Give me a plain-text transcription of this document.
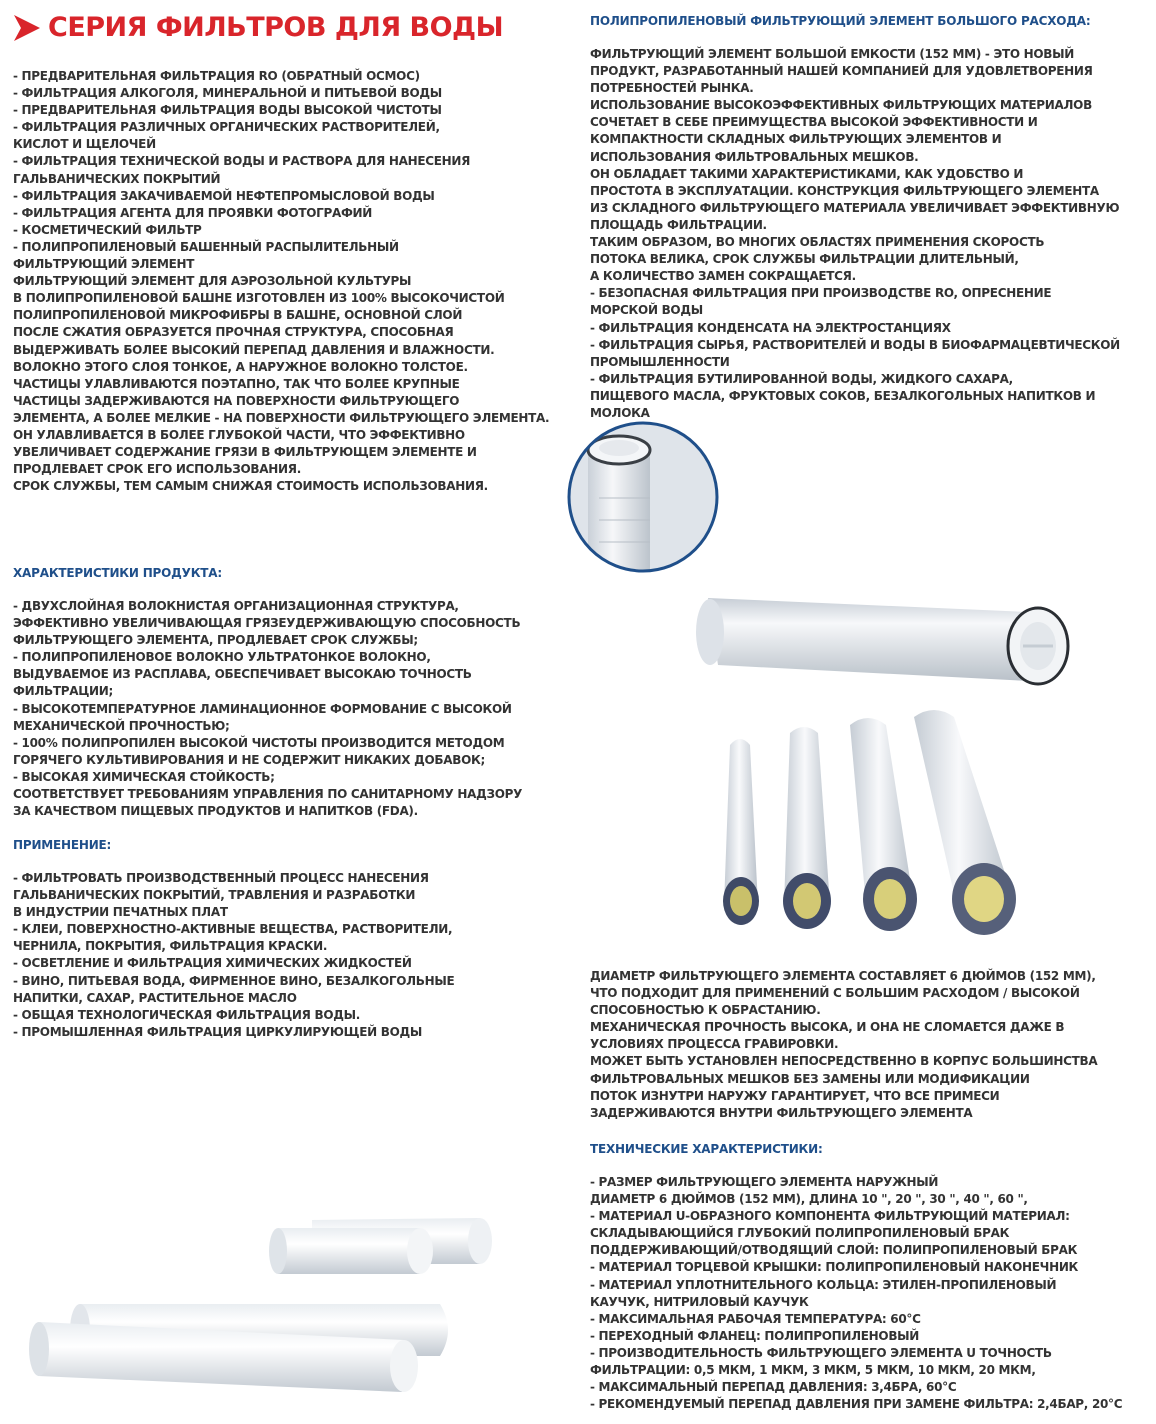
СЕРИЯ ФИЛЬТРОВ ДЛЯ ВОДЫ

- ПРЕДВАРИТЕЛЬНАЯ ФИЛЬТРАЦИЯ RO (ОБРАТНЫЙ ОСМОС)
- ФИЛЬТРАЦИЯ АЛКОГОЛЯ, МИНЕРАЛЬНОЙ И ПИТЬЕВОЙ ВОДЫ
- ПРЕДВАРИТЕЛЬНАЯ ФИЛЬТРАЦИЯ ВОДЫ ВЫСОКОЙ ЧИСТОТЫ
- ФИЛЬТРАЦИЯ РАЗЛИЧНЫХ ОРГАНИЧЕСКИХ РАСТВОРИТЕЛЕЙ,
КИСЛОТ И ЩЕЛОЧЕЙ
- ФИЛЬТРАЦИЯ ТЕХНИЧЕСКОЙ ВОДЫ И РАСТВОРА ДЛЯ НАНЕСЕНИЯ
ГАЛЬВАНИЧЕСКИХ ПОКРЫТИЙ
- ФИЛЬТРАЦИЯ ЗАКАЧИВАЕМОЙ НЕФТЕПРОМЫСЛОВОЙ ВОДЫ
- ФИЛЬТРАЦИЯ АГЕНТА ДЛЯ ПРОЯВКИ ФОТОГРАФИЙ
- КОСМЕТИЧЕСКИЙ ФИЛЬТР
- ПОЛИПРОПИЛЕНОВЫЙ БАШЕННЫЙ РАСПЫЛИТЕЛЬНЫЙ
ФИЛЬТРУЮЩИЙ ЭЛЕМЕНТ
ФИЛЬТРУЮЩИЙ ЭЛЕМЕНТ ДЛЯ АЭРОЗОЛЬНОЙ КУЛЬТУРЫ
В ПОЛИПРОПИЛЕНОВОЙ БАШНЕ ИЗГОТОВЛЕН ИЗ 100% ВЫСОКОЧИСТОЙ
ПОЛИПРОПИЛЕНОВОЙ МИКРОФИБРЫ В БАШНЕ, ОСНОВНОЙ СЛОЙ
ПОСЛЕ СЖАТИЯ ОБРАЗУЕТСЯ ПРОЧНАЯ СТРУКТУРА, СПОСОБНАЯ
ВЫДЕРЖИВАТЬ БОЛЕЕ ВЫСОКИЙ ПЕРЕПАД ДАВЛЕНИЯ И ВЛАЖНОСТИ.
ВОЛОКНО ЭТОГО СЛОЯ ТОНКОЕ, А НАРУЖНОЕ ВОЛОКНО ТОЛСТОЕ.
ЧАСТИЦЫ УЛАВЛИВАЮТСЯ ПОЭТАПНО, ТАК ЧТО БОЛЕЕ КРУПНЫЕ
ЧАСТИЦЫ ЗАДЕРЖИВАЮТСЯ НА ПОВЕРХНОСТИ ФИЛЬТРУЮЩЕГО
ЭЛЕМЕНТА, А БОЛЕЕ МЕЛКИЕ - НА ПОВЕРХНОСТИ ФИЛЬТРУЮЩЕГО ЭЛЕМЕНТА.
ОН УЛАВЛИВАЕТСЯ В БОЛЕЕ ГЛУБОКОЙ ЧАСТИ, ЧТО ЭФФЕКТИВНО
УВЕЛИЧИВАЕТ СОДЕРЖАНИЕ ГРЯЗИ В ФИЛЬТРУЮЩЕМ ЭЛЕМЕНТЕ И
ПРОДЛЕВАЕТ СРОК ЕГО ИСПОЛЬЗОВАНИЯ.
СРОК СЛУЖБЫ, ТЕМ САМЫМ СНИЖАЯ СТОИМОСТЬ ИСПОЛЬЗОВАНИЯ.

ХАРАКТЕРИСТИКИ ПРОДУКТА:

- ДВУХСЛОЙНАЯ ВОЛОКНИСТАЯ ОРГАНИЗАЦИОННАЯ СТРУКТУРА,
ЭФФЕКТИВНО УВЕЛИЧИВАЮЩАЯ ГРЯЗЕУДЕРЖИВАЮЩУЮ СПОСОБНОСТЬ
ФИЛЬТРУЮЩЕГО ЭЛЕМЕНТА, ПРОДЛЕВАЕТ СРОК СЛУЖБЫ;
- ПОЛИПРОПИЛЕНОВОЕ ВОЛОКНО УЛЬТРАТОНКОЕ ВОЛОКНО,
ВЫДУВАЕМОЕ ИЗ РАСПЛАВА, ОБЕСПЕЧИВАЕТ ВЫСОКАЮ ТОЧНОСТЬ
ФИЛЬТРАЦИИ;
- ВЫСОКОТЕМПЕРАТУРНОЕ ЛАМИНАЦИОННОЕ ФОРМОВАНИЕ С ВЫСОКОЙ
МЕХАНИЧЕСКОЙ ПРОЧНОСТЬЮ;
- 100% ПОЛИПРОПИЛЕН ВЫСОКОЙ ЧИСТОТЫ ПРОИЗВОДИТСЯ МЕТОДОМ
ГОРЯЧЕГО КУЛЬТИВИРОВАНИЯ И НЕ СОДЕРЖИТ НИКАКИХ ДОБАВОК;
- ВЫСОКАЯ ХИМИЧЕСКАЯ СТОЙКОСТЬ;
СООТВЕТСТВУЕТ ТРЕБОВАНИЯМ УПРАВЛЕНИЯ ПО САНИТАРНОМУ НАДЗОРУ
ЗА КАЧЕСТВОМ ПИЩЕВЫХ ПРОДУКТОВ И НАПИТКОВ (FDA).

ПРИМЕНЕНИЕ:

- ФИЛЬТРОВАТЬ ПРОИЗВОДСТВЕННЫЙ ПРОЦЕСС НАНЕСЕНИЯ
ГАЛЬВАНИЧЕСКИХ ПОКРЫТИЙ, ТРАВЛЕНИЯ И РАЗРАБОТКИ
В ИНДУСТРИИ ПЕЧАТНЫХ ПЛАТ
- КЛЕИ, ПОВЕРХНОСТНО-АКТИВНЫЕ ВЕЩЕСТВА, РАСТВОРИТЕЛИ,
ЧЕРНИЛА, ПОКРЫТИЯ, ФИЛЬТРАЦИЯ КРАСКИ.
- ОСВЕТЛЕНИЕ И ФИЛЬТРАЦИЯ ХИМИЧЕСКИХ ЖИДКОСТЕЙ
- ВИНО, ПИТЬЕВАЯ ВОДА, ФИРМЕННОЕ ВИНО, БЕЗАЛКОГОЛЬНЫЕ
НАПИТКИ, САХАР, РАСТИТЕЛЬНОЕ МАСЛО
- ОБЩАЯ ТЕХНОЛОГИЧЕСКАЯ ФИЛЬТРАЦИЯ ВОДЫ.
- ПРОМЫШЛЕННАЯ ФИЛЬТРАЦИЯ ЦИРКУЛИРУЮЩЕЙ ВОДЫ

ПОЛИПРОПИЛЕНОВЫЙ ФИЛЬТРУЮЩИЙ ЭЛЕМЕНТ БОЛЬШОГО РАСХОДА:

ФИЛЬТРУЮЩИЙ ЭЛЕМЕНТ БОЛЬШОЙ ЕМКОСТИ (152 ММ) - ЭТО НОВЫЙ
ПРОДУКТ, РАЗРАБОТАННЫЙ НАШЕЙ КОМПАНИЕЙ ДЛЯ УДОВЛЕТВОРЕНИЯ
ПОТРЕБНОСТЕЙ РЫНКА.
ИСПОЛЬЗОВАНИЕ ВЫСОКОЭФФЕКТИВНЫХ ФИЛЬТРУЮЩИХ МАТЕРИАЛОВ
СОЧЕТАЕТ В СЕБЕ ПРЕИМУЩЕСТВА ВЫСОКОЙ ЭФФЕКТИВНОСТИ И
КОМПАКТНОСТИ СКЛАДНЫХ ФИЛЬТРУЮЩИХ ЭЛЕМЕНТОВ И
ИСПОЛЬЗОВАНИЯ ФИЛЬТРОВАЛЬНЫХ МЕШКОВ.
ОН ОБЛАДАЕТ ТАКИМИ ХАРАКТЕРИСТИКАМИ, КАК УДОБСТВО И
ПРОСТОТА В ЭКСПЛУАТАЦИИ. КОНСТРУКЦИЯ ФИЛЬТРУЮЩЕГО ЭЛЕМЕНТА
ИЗ СКЛАДНОГО ФИЛЬТРУЮЩЕГО МАТЕРИАЛА УВЕЛИЧИВАЕТ ЭФФЕКТИВНУЮ
ПЛОЩАДЬ ФИЛЬТРАЦИИ.
ТАКИМ ОБРАЗОМ, ВО МНОГИХ ОБЛАСТЯХ ПРИМЕНЕНИЯ СКОРОСТЬ
ПОТОКА ВЕЛИКА, СРОК СЛУЖБЫ ФИЛЬТРАЦИИ ДЛИТЕЛЬНЫЙ,
А КОЛИЧЕСТВО ЗАМЕН СОКРАЩАЕТСЯ.
- БЕЗОПАСНАЯ ФИЛЬТРАЦИЯ ПРИ ПРОИЗВОДСТВЕ RO, ОПРЕСНЕНИЕ
МОРСКОЙ ВОДЫ
- ФИЛЬТРАЦИЯ КОНДЕНСАТА НА ЭЛЕКТРОСТАНЦИЯХ
- ФИЛЬТРАЦИЯ СЫРЬЯ, РАСТВОРИТЕЛЕЙ И ВОДЫ В БИОФАРМАЦЕВТИЧЕСКОЙ
ПРОМЫШЛЕННОСТИ
- ФИЛЬТРАЦИЯ БУТИЛИРОВАННОЙ ВОДЫ, ЖИДКОГО САХАРА,
ПИЩЕВОГО МАСЛА, ФРУКТОВЫХ СОКОВ, БЕЗАЛКОГОЛЬНЫХ НАПИТКОВ И МОЛОКА

ДИАМЕТР ФИЛЬТРУЮЩЕГО ЭЛЕМЕНТА СОСТАВЛЯЕТ 6 ДЮЙМОВ (152 ММ),
ЧТО ПОДХОДИТ ДЛЯ ПРИМЕНЕНИЙ С БОЛЬШИМ РАСХОДОМ / ВЫСОКОЙ
СПОСОБНОСТЬЮ К ОБРАСТАНИЮ.
МЕХАНИЧЕСКАЯ ПРОЧНОСТЬ ВЫСОКА, И ОНА НЕ СЛОМАЕТСЯ ДАЖЕ В
УСЛОВИЯХ ПРОЦЕССА ГРАВИРОВКИ.
МОЖЕТ БЫТЬ УСТАНОВЛЕН НЕПОСРЕДСТВЕННО В КОРПУС БОЛЬШИНСТВА
ФИЛЬТРОВАЛЬНЫХ МЕШКОВ БЕЗ ЗАМЕНЫ ИЛИ МОДИФИКАЦИИ
ПОТОК ИЗНУТРИ НАРУЖУ ГАРАНТИРУЕТ, ЧТО ВСЕ ПРИМЕСИ
ЗАДЕРЖИВАЮТСЯ ВНУТРИ ФИЛЬТРУЮЩЕГО ЭЛЕМЕНТА

ТЕХНИЧЕСКИЕ ХАРАКТЕРИСТИКИ:

- РАЗМЕР ФИЛЬТРУЮЩЕГО ЭЛЕМЕНТА НАРУЖНЫЙ
ДИАМЕТР 6 ДЮЙМОВ (152 ММ), ДЛИНА 10 ", 20 ", 30 ", 40 ", 60 ",
- МАТЕРИАЛ U-ОБРАЗНОГО КОМПОНЕНТА ФИЛЬТРУЮЩИЙ МАТЕРИАЛ:
СКЛАДЫВАЮЩИЙСЯ ГЛУБОКИЙ ПОЛИПРОПИЛЕНОВЫЙ БРАК
ПОДДЕРЖИВАЮЩИЙ/ОТВОДЯЩИЙ СЛОЙ: ПОЛИПРОПИЛЕНОВЫЙ БРАК
- МАТЕРИАЛ ТОРЦЕВОЙ КРЫШКИ: ПОЛИПРОПИЛЕНОВЫЙ НАКОНЕЧНИК
- МАТЕРИАЛ УПЛОТНИТЕЛЬНОГО КОЛЬЦА: ЭТИЛЕН-ПРОПИЛЕНОВЫЙ
КАУЧУК, НИТРИЛОВЫЙ КАУЧУК
- МАКСИМАЛЬНАЯ РАБОЧАЯ ТЕМПЕРАТУРА: 60°С
- ПЕРЕХОДНЫЙ ФЛАНЕЦ: ПОЛИПРОПИЛЕНОВЫЙ
- ПРОИЗВОДИТЕЛЬНОСТЬ ФИЛЬТРУЮЩЕГО ЭЛЕМЕНТА U ТОЧНОСТЬ
ФИЛЬТРАЦИИ: 0,5 МКМ, 1 МКМ, 3 МКМ, 5 МКМ, 10 МКМ, 20 МКМ,
- МАКСИМАЛЬНЫЙ ПЕРЕПАД ДАВЛЕНИЯ: 3,4БРА, 60°С
- РЕКОМЕНДУЕМЫЙ ПЕРЕПАД ДАВЛЕНИЯ ПРИ ЗАМЕНЕ ФИЛЬТРА: 2,4БАР, 20°С
